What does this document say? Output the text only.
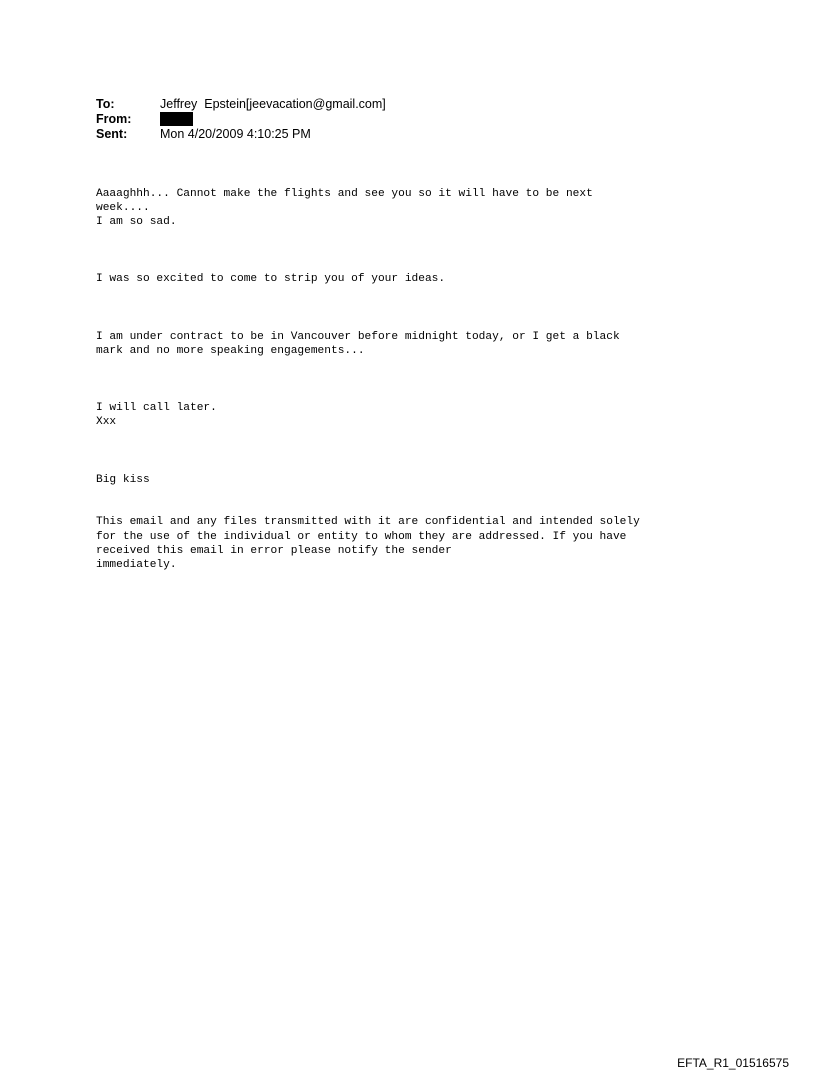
To:	Jeffrey  Epstein[jeevacation@gmail.com]
From:
Sent:	Mon 4/20/2009 4:10:25 PM

Aaaaghhh... Cannot make the flights and see you so it will have to be next
week....
I am so sad.

I was so excited to come to strip you of your ideas.

I am under contract to be in Vancouver before midnight today, or I get a black
mark and no more speaking engagements...

I will call later.
Xxx

Big kiss

This email and any files transmitted with it are confidential and intended solely
for the use of the individual or entity to whom they are addressed. If you have
received this email in error please notify the sender
immediately.

EFTA_R1_01516575
